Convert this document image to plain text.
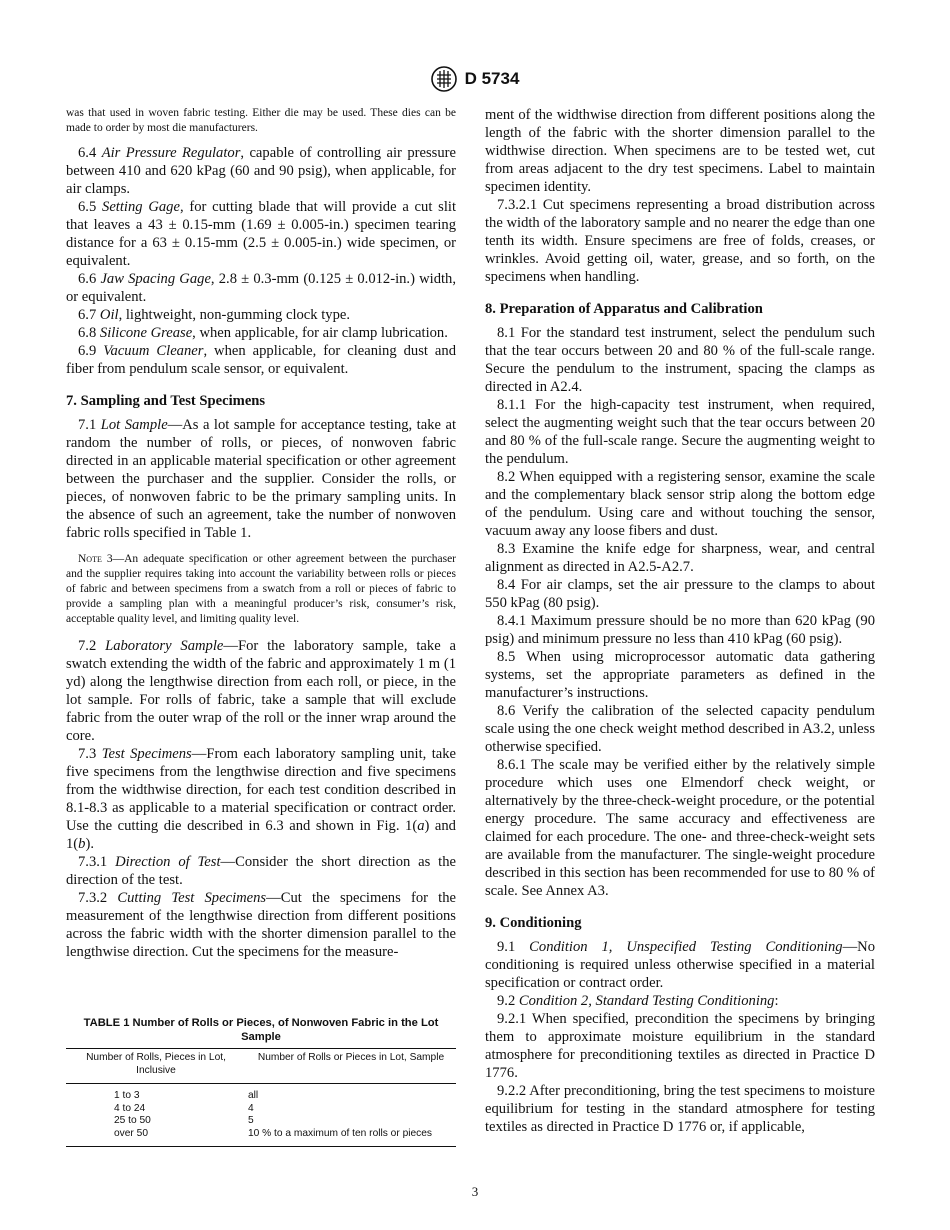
D 5734

was that used in woven fabric testing. Either die may be used. These dies can be made to order by most die manufacturers.

6.4 Air Pressure Regulator, capable of controlling air pressure between 410 and 620 kPag (60 and 90 psig), when applicable, for air clamps.

6.5 Setting Gage, for cutting blade that will provide a cut slit that leaves a 43 ± 0.15-mm (1.69 ± 0.005-in.) specimen tearing distance for a 63 ± 0.15-mm (2.5 ± 0.005-in.) wide specimen, or equivalent.

6.6 Jaw Spacing Gage, 2.8 ± 0.3-mm (0.125 ± 0.012-in.) width, or equivalent.

6.7 Oil, lightweight, non-gumming clock type.

6.8 Silicone Grease, when applicable, for air clamp lubrication.

6.9 Vacuum Cleaner, when applicable, for cleaning dust and fiber from pendulum scale sensor, or equivalent.

7. Sampling and Test Specimens

7.1 Lot Sample—As a lot sample for acceptance testing, take at random the number of rolls, or pieces, of nonwoven fabric directed in an applicable material specification or other agreement between the purchaser and the supplier. Consider the rolls, or pieces, of nonwoven fabric to be the primary sampling units. In the absence of such an agreement, take the number of nonwoven fabric rolls specified in Table 1.

Note 3—An adequate specification or other agreement between the purchaser and the supplier requires taking into account the variability between rolls or pieces of fabric and between specimens from a swatch from a roll or pieces of fabric to provide a sampling plan with a meaningful producer’s risk, consumer’s risk, acceptable quality level, and limiting quality level.

7.2 Laboratory Sample—For the laboratory sample, take a swatch extending the width of the fabric and approximately 1 m (1 yd) along the lengthwise direction from each roll, or piece, in the lot sample. For rolls of fabric, take a sample that will exclude fabric from the outer wrap of the roll or the inner wrap around the core.

7.3 Test Specimens—From each laboratory sampling unit, take five specimens from the lengthwise direction and five specimens from the widthwise direction, for each test condition described in 8.1-8.3 as applicable to a material specification or contract order. Use the cutting die described in 6.3 and shown in Fig. 1(a) and 1(b).

7.3.1 Direction of Test—Consider the short direction as the direction of the test.

7.3.2 Cutting Test Specimens—Cut the specimens for the measurement of the lengthwise direction from different positions across the fabric width with the shorter dimension parallel to the lengthwise direction. Cut the specimens for the measure-

TABLE 1 Number of Rolls or Pieces, of Nonwoven Fabric in the Lot Sample
Number of Rolls, Pieces in Lot, Inclusive	Number of Rolls or Pieces in Lot, Sample
1 to 3	all
4 to 24	4
25 to 50	5
over 50	10 % to a maximum of ten rolls or pieces

ment of the widthwise direction from different positions along the length of the fabric with the shorter dimension parallel to the widthwise direction. When specimens are to be tested wet, cut from areas adjacent to the dry test specimens. Label to maintain specimen identity.

7.3.2.1 Cut specimens representing a broad distribution across the width of the laboratory sample and no nearer the edge than one tenth its width. Ensure specimens are free of folds, creases, or wrinkles. Avoid getting oil, water, grease, and so forth, on the specimens when handling.

8. Preparation of Apparatus and Calibration

8.1 For the standard test instrument, select the pendulum such that the tear occurs between 20 and 80 % of the full-scale range. Secure the pendulum to the instrument, spacing the clamps as directed in A2.4.

8.1.1 For the high-capacity test instrument, when required, select the augmenting weight such that the tear occurs between 20 and 80 % of the full-scale range. Secure the augmenting weight to the pendulum.

8.2 When equipped with a registering sensor, examine the scale and the complementary black sensor strip along the bottom edge of the pendulum. Using care and without touching the sensor, vacuum away any loose fibers and dust.

8.3 Examine the knife edge for sharpness, wear, and central alignment as directed in A2.5-A2.7.

8.4 For air clamps, set the air pressure to the clamps to about 550 kPag (80 psig).

8.4.1 Maximum pressure should be no more than 620 kPag (90 psig) and minimum pressure no less than 410 kPag (60 psig).

8.5 When using microprocessor automatic data gathering systems, set the appropriate parameters as defined in the manufacturer’s instructions.

8.6 Verify the calibration of the selected capacity pendulum scale using the one check weight method described in A3.2, unless otherwise specified.

8.6.1 The scale may be verified either by the relatively simple procedure which uses one Elmendorf check weight, or alternatively by the three-check-weight procedure, or the potential energy procedure. The same accuracy and effectiveness are claimed for each procedure. The one- and three-check-weight sets are available from the manufacturer. The single-weight procedure described in this section has been recommended for use to 80 % of scale. See Annex A3.

9. Conditioning

9.1 Condition 1, Unspecified Testing Conditioning—No conditioning is required unless otherwise specified in a material specification or contract order.

9.2 Condition 2, Standard Testing Conditioning:

9.2.1 When specified, precondition the specimens by bringing them to approximate moisture equilibrium in the standard atmosphere for preconditioning textiles as directed in Practice D 1776.

9.2.2 After preconditioning, bring the test specimens to moisture equilibrium for testing in the standard atmosphere for testing textiles as directed in Practice D 1776 or, if applicable,

3
